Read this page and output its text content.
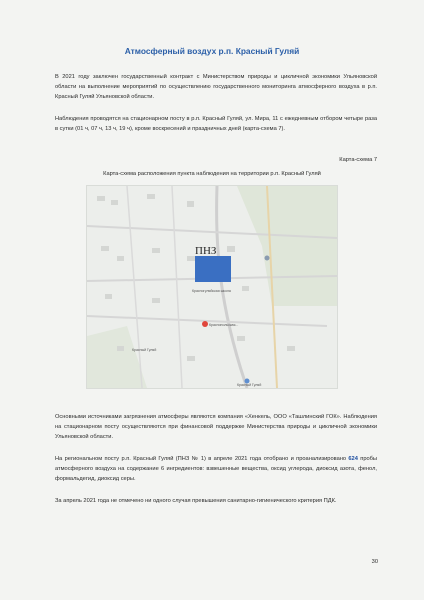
Атмосферный воздух р.п. Красный Гуляй
В 2021 году заключен государственный контракт с Министерством природы и цикличной экономики Ульяновской области на выполнение мероприятий по осуществлению государственного мониторинга атмосферного воздуха в р.п. Красный Гуляй Ульяновской области.
Наблюдения проводятся на стационарном посту в р.п. Красный Гуляй, ул. Мира, 11 с ежедневным отбором четыре раза в сутки (01 ч, 07 ч, 13 ч, 19 ч), кроме воскресений и праздничных дней (карта-схема 7).
Карта-схема 7
Карта-схема расположения пункта наблюдения на территории р.п. Красный Гуляй
ПНЗ
Красногуляйская школа
Краснопольская...
Красный Гуляй
Красный Гуляй
Основными источниками загрязнения атмосферы являются компания «Хенкель, ООО «Ташлинский ГОК». Наблюдения на стационарном посту осуществляются при финансовой поддержке Министерства природы и цикличной экономики Ульяновской области.
На региональном посту р.п. Красный Гуляй (ПНЗ № 1) в апреле 2021 года отобрано и проанализировано 624 пробы атмосферного воздуха на содержание 6 ингредиентов: взвешенные вещества, оксид углерода, диоксид азота, фенол, формальдегид, диоксид серы.
За апрель 2021 года не отмечено ни одного случая превышения санитарно-гигиенического критерия ПДК.
30
